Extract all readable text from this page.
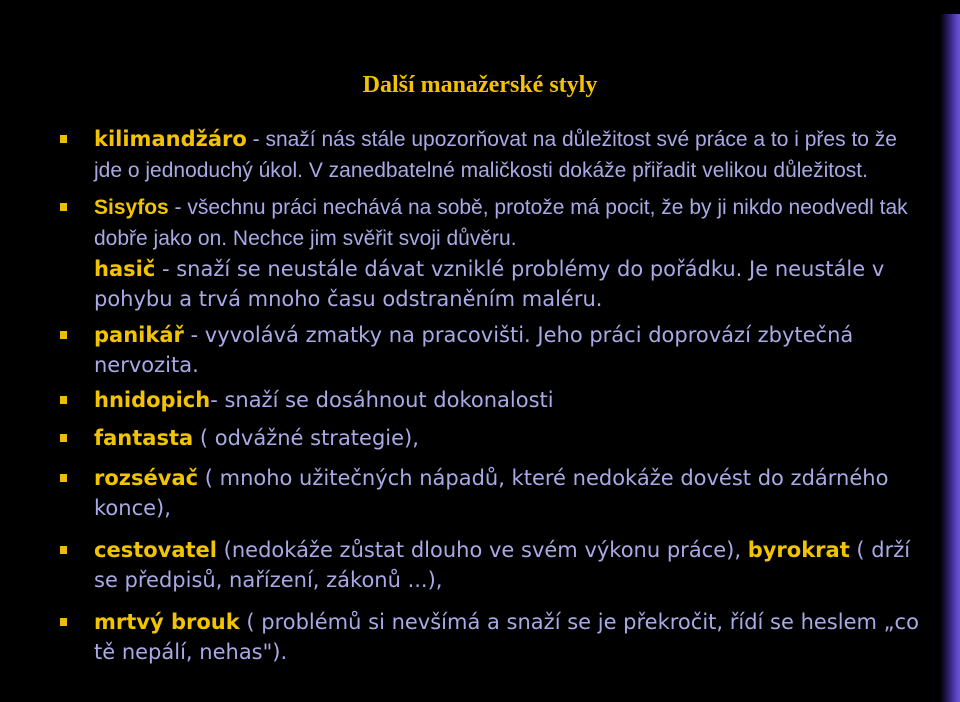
Další manažerské styly
kilimandžáro - snaží nás stále upozorňovat na důležitost své práce a to i přes to že jde o jednoduchý úkol. V zanedbatelné maličkosti dokáže přiřadit velikou důležitost.
Sisyfos - všechnu práci nechává na sobě, protože má pocit, že by ji nikdo neodvedl tak dobře jako on. Nechce jim svěřit svoji důvěru.
hasič - snaží se neustále dávat vzniklé problémy do pořádku. Je neustále v pohybu a trvá mnoho času odstraněním maléru.
panikář - vyvolává zmatky na pracovišti. Jeho práci doprovází zbytečná nervozita.
hnidopich- snaží se dosáhnout dokonalosti
fantasta ( odvážné strategie),
rozsévač ( mnoho užitečných nápadů, které nedokáže dovést do zdárného konce),
cestovatel (nedokáže zůstat dlouho ve svém výkonu práce), byrokrat ( drží se předpisů, nařízení, zákonů ...),
mrtvý brouk ( problémů si nevšímá a snaží se je překročit, řídí se heslem „co tě nepálí, nehas").
